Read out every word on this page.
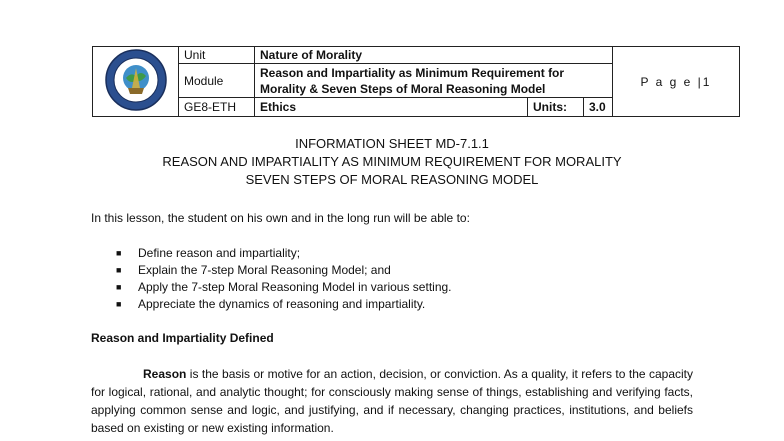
	Unit	Nature of Morality			P a g e |1
	Module	Reason and Impartiality as Minimum Requirement for
Morality & Seven Steps of Moral Reasoning Model			

	GE8-ETH	Ethics	Units:	3.0	
INFORMATION SHEET MD-7.1.1
REASON AND IMPARTIALITY AS MINIMUM REQUIREMENT FOR MORALITY
SEVEN STEPS OF MORAL REASONING MODEL
In this lesson, the student on his own and in the long run will be able to:
■ Define reason and impartiality;
■ Explain the 7-step Moral Reasoning Model; and
■ Apply the 7-step Moral Reasoning Model in various setting.
■ Appreciate the dynamics of reasoning and impartiality.
Reason and Impartiality Defined
Reason is the basis or motive for an action, decision, or conviction. As a quality, it refers to the capacity for logical, rational, and analytic thought; for consciously making sense of things, establishing and verifying facts, applying common sense and logic, and justifying, and if necessary, changing practices, institutions, and beliefs based on existing or new existing information.
